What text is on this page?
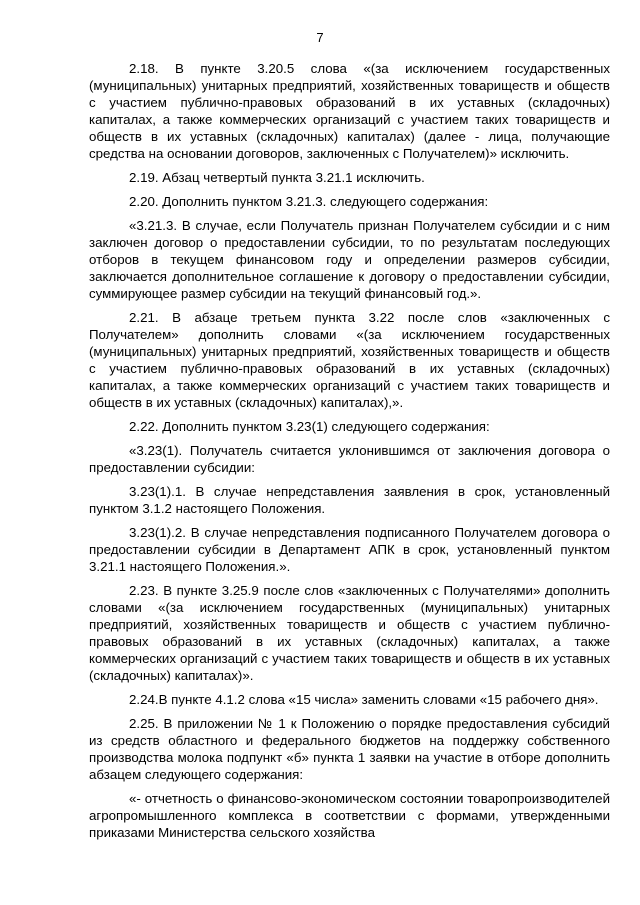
7

2.18. В пункте 3.20.5 слова «(за исключением государственных (муниципальных) унитарных предприятий, хозяйственных товариществ и обществ с участием публично-правовых образований в их уставных (складочных) капиталах, а также коммерческих организаций с участием таких товариществ и обществ в их уставных (складочных) капиталах) (далее - лица, получающие средства на основании договоров, заключенных с Получателем)» исключить.

2.19. Абзац четвертый пункта 3.21.1 исключить.

2.20. Дополнить пунктом 3.21.3. следующего содержания:

«3.21.3. В случае, если Получатель признан Получателем субсидии и с ним заключен договор о предоставлении субсидии, то по результатам последующих отборов в текущем финансовом году и определении размеров субсидии, заключается дополнительное соглашение к договору о предоставлении субсидии, суммирующее размер субсидии на текущий финансовый год.».

2.21. В абзаце третьем пункта 3.22 после слов «заключенных с Получателем» дополнить словами «(за исключением государственных (муниципальных) унитарных предприятий, хозяйственных товариществ и обществ с участием публично-правовых образований в их уставных (складочных) капиталах, а также коммерческих организаций с участием таких товариществ и обществ в их уставных (складочных) капиталах),».

2.22. Дополнить пунктом 3.23(1) следующего содержания:

«3.23(1). Получатель считается уклонившимся от заключения договора о предоставлении субсидии:

3.23(1).1. В случае непредставления заявления в срок, установленный пунктом 3.1.2 настоящего Положения.

3.23(1).2. В случае непредставления подписанного Получателем договора о предоставлении субсидии в Департамент АПК в срок, установленный пунктом 3.21.1 настоящего Положения.».

2.23. В пункте 3.25.9 после слов «заключенных с Получателями» дополнить словами «(за исключением государственных (муниципальных) унитарных предприятий, хозяйственных товариществ и обществ с участием публично-правовых образований в их уставных (складочных) капиталах, а также коммерческих организаций с участием таких товариществ и обществ в их уставных (складочных) капиталах)».

2.24.В пункте 4.1.2 слова «15 числа» заменить словами «15 рабочего дня».

2.25. В приложении № 1 к Положению о порядке предоставления субсидий из средств областного и федерального бюджетов на поддержку собственного производства молока подпункт «б» пункта 1 заявки на участие в отборе дополнить абзацем следующего содержания:

«- отчетность о финансово-экономическом состоянии товаропроизводителей агропромышленного комплекса в соответствии с формами, утвержденными приказами Министерства сельского хозяйства
